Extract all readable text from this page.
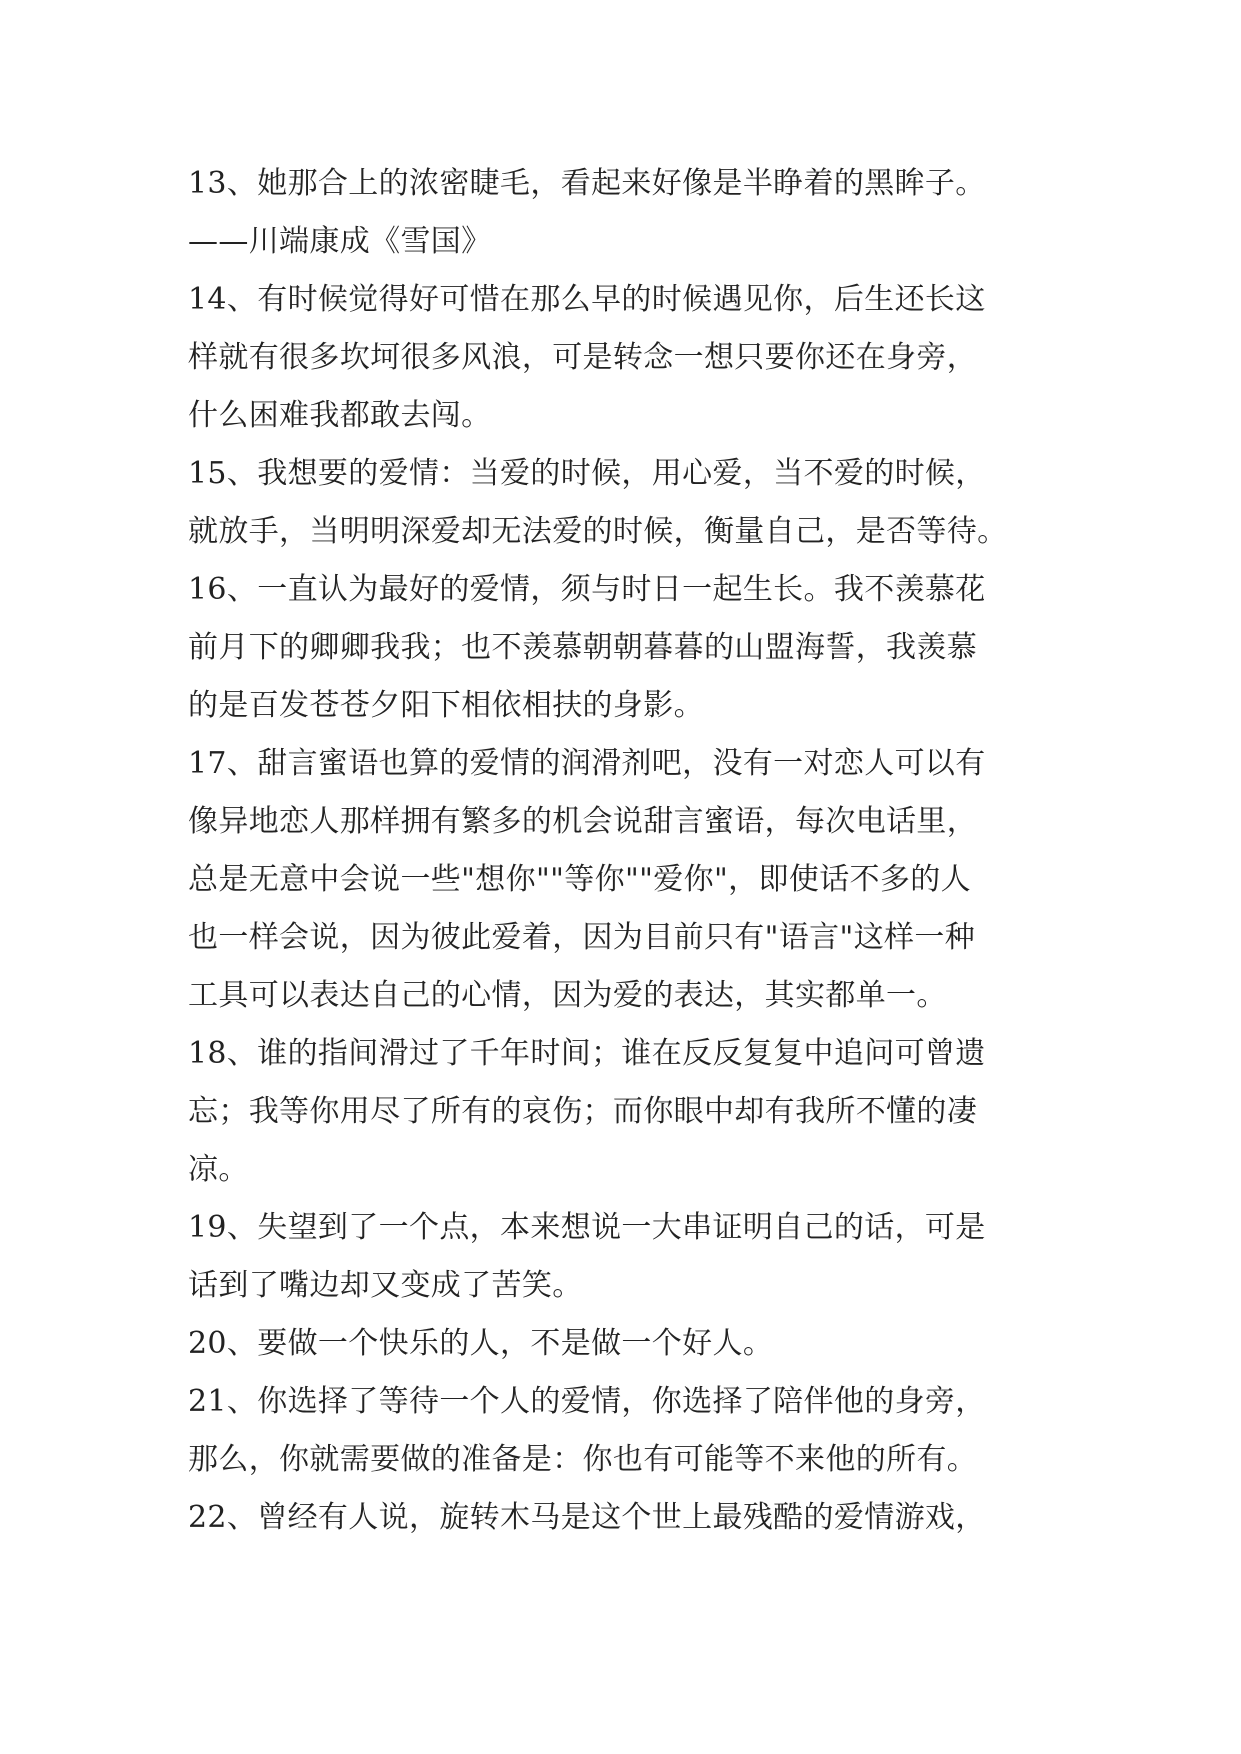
13、她那合上的浓密睫毛，看起来好像是半睁着的黑眸子。
——川端康成《雪国》
14、有时候觉得好可惜在那么早的时候遇见你，后生还长这
样就有很多坎坷很多风浪，可是转念一想只要你还在身旁，
什么困难我都敢去闯。
15、我想要的爱情：当爱的时候，用心爱，当不爱的时候，
就放手，当明明深爱却无法爱的时候，衡量自己，是否等待。
16、一直认为最好的爱情，须与时日一起生长。我不羡慕花
前月下的卿卿我我；也不羡慕朝朝暮暮的山盟海誓，我羡慕
的是百发苍苍夕阳下相依相扶的身影。
17、甜言蜜语也算的爱情的润滑剂吧，没有一对恋人可以有
像异地恋人那样拥有繁多的机会说甜言蜜语，每次电话里，
总是无意中会说一些"想你""等你""爱你"，即使话不多的人
也一样会说，因为彼此爱着，因为目前只有"语言"这样一种
工具可以表达自己的心情，因为爱的表达，其实都单一。
18、谁的指间滑过了千年时间；谁在反反复复中追问可曾遗
忘；我等你用尽了所有的哀伤；而你眼中却有我所不懂的凄
凉。
19、失望到了一个点，本来想说一大串证明自己的话，可是
话到了嘴边却又变成了苦笑。
20、要做一个快乐的人，不是做一个好人。
21、你选择了等待一个人的爱情，你选择了陪伴他的身旁，
那么，你就需要做的准备是：你也有可能等不来他的所有。
22、曾经有人说，旋转木马是这个世上最残酷的爱情游戏，
